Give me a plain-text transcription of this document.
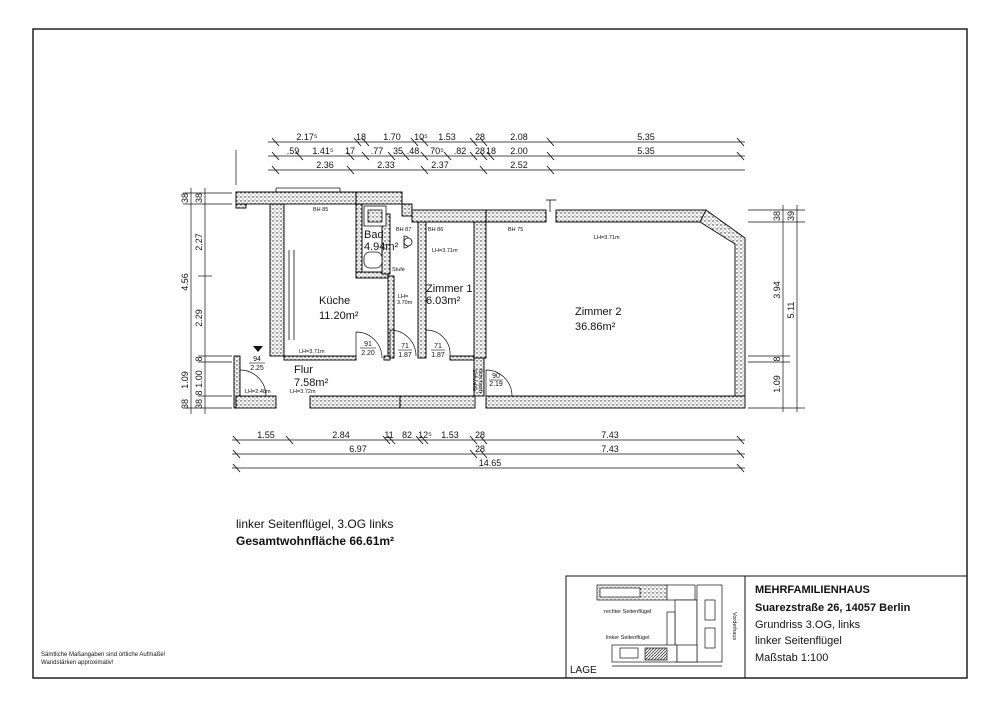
2.17⁵	18 1.70 10⁵ 1.53 28	2.08	5.35
.59 1.41⁵ 17 .77 35 .48 70⁵ .82 28 18 2.00	5.35
2.36	2.33	2.37	2.52
38
4.56
1.09
38
38
2.27
2.29
8
1.00
8
38
38
3.94
1.09
8
39
5.11
1.55	2.84	11 82 12⁵ 1.53 28	7.43
6.97	28	7.43
14.65
91
2.20
71
1.87
71
1.87
90
2.19
94
2.25
BH 85
BH 87	BH 86	BH 75
LH=3.71m
LH=3.71m
LH=3.71m
LH=3.72m
LH=2.48m
Stufe
LH=
3.70m
Schwelle 8cm hoch
Küche
11.20m²
Bad
4.94m²
Zimmer 1
6.03m²
Zimmer 2
36.86m²
Flur
7.58m²
linker Seitenflügel, 3.OG links
Gesamtwohnfläche 66.61m²
Sämtliche Maßangaben sind örtliche Aufmaße!
Wandstärken approximativ!
rechter Seitenflügel
linker Seitenflügel	Vorderhaus
LAGE
MEHRFAMILIENHAUS
Suarezstraße 26, 14057 Berlin
Grundriss 3.OG, links
linker Seitenflügel
Maßstab 1:100
